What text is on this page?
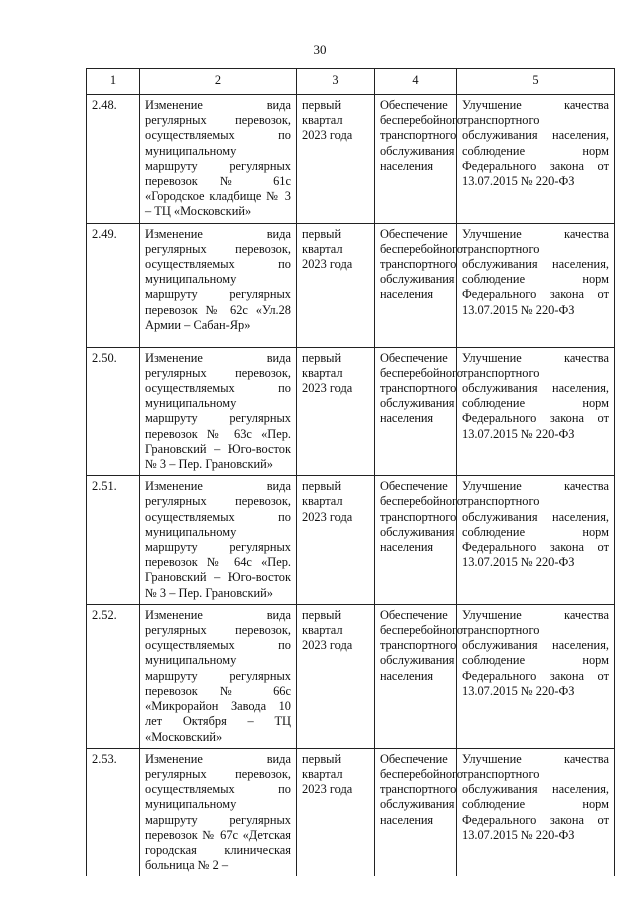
30
1	2	3	4	5
2.48.	Изменение вида регулярных перевозок, осуществляемых по муниципальному маршруту регулярных перевозок № 61с «Городское кладбище № 3 – ТЦ «Московский»	первый квартал 2023 года	Обеспечение бесперебойного транспортного обслуживания населения	Улучшение качества транспортного обслуживания населения, соблюдение норм Федерального закона от 13.07.2015 № 220-ФЗ
2.49.	Изменение вида регулярных перевозок, осуществляемых по муниципальному маршруту регулярных перевозок № 62с «Ул.28 Армии – Сабан-Яр»	первый квартал 2023 года	Обеспечение бесперебойного транспортного обслуживания населения	Улучшение качества транспортного обслуживания населения, соблюдение норм Федерального закона от 13.07.2015 № 220-ФЗ
2.50.	Изменение вида регулярных перевозок, осуществляемых по муниципальному маршруту регулярных перевозок № 63с «Пер. Грановский – Юго-восток № 3 – Пер. Грановский»	первый квартал 2023 года	Обеспечение бесперебойного транспортного обслуживания населения	Улучшение качества транспортного обслуживания населения, соблюдение норм Федерального закона от 13.07.2015 № 220-ФЗ
2.51.	Изменение вида регулярных перевозок, осуществляемых по муниципальному маршруту регулярных перевозок № 64с «Пер. Грановский – Юго-восток № 3 – Пер. Грановский»	первый квартал 2023 года	Обеспечение бесперебойного транспортного обслуживания населения	Улучшение качества транспортного обслуживания населения, соблюдение норм Федерального закона от 13.07.2015 № 220-ФЗ
2.52.	Изменение вида регулярных перевозок, осуществляемых по муниципальному маршруту регулярных перевозок № 66с «Микрорайон Завода 10 лет Октября – ТЦ «Московский»	первый квартал 2023 года	Обеспечение бесперебойного транспортного обслуживания населения	Улучшение качества транспортного обслуживания населения, соблюдение норм Федерального закона от 13.07.2015 № 220-ФЗ
2.53.	Изменение вида регулярных перевозок, осуществляемых по муниципальному маршруту регулярных перевозок № 67с «Детская городская клиническая больница № 2 –	первый квартал 2023 года	Обеспечение бесперебойного транспортного обслуживания населения	Улучшение качества транспортного обслуживания населения, соблюдение норм Федерального закона от 13.07.2015 № 220-ФЗ
